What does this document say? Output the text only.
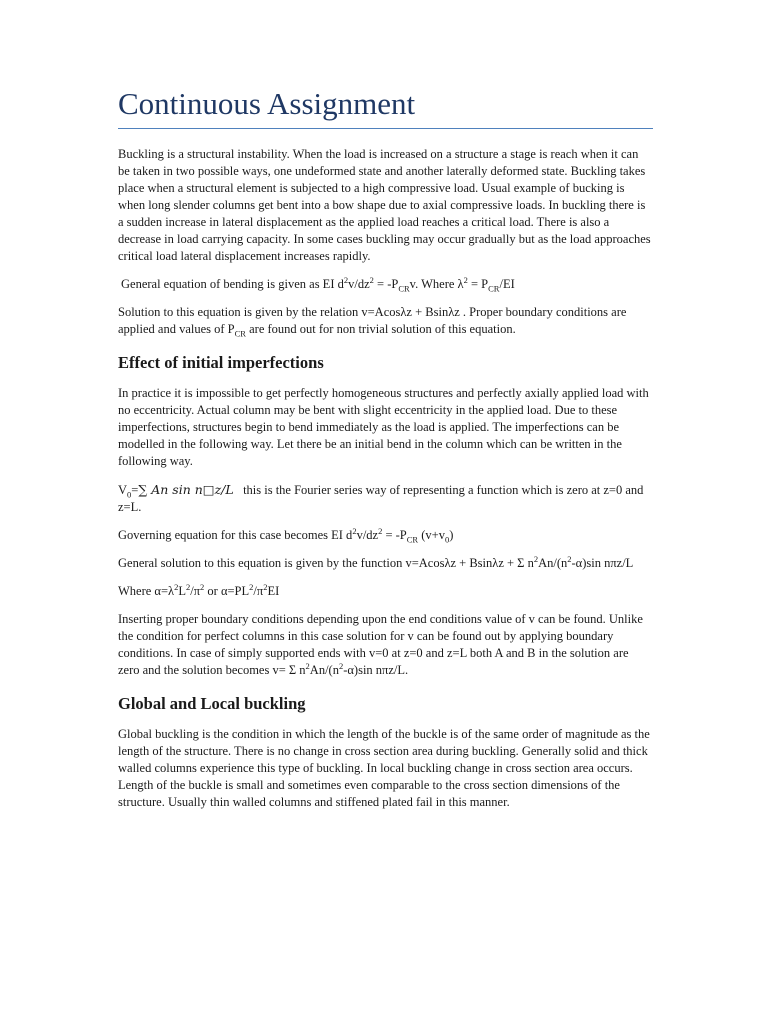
Continuous Assignment

Buckling is a structural instability. When the load is increased on a structure a stage is reach when it can be taken in two possible ways, one undeformed state and another laterally deformed state. Buckling takes place when a structural element is subjected to a high compressive load. Usual example of bucking is when long slender columns get bent into a bow shape due to axial compressive loads. In buckling there is a sudden increase in lateral displacement as the applied load reaches a critical load. There is also a decrease in load carrying capacity. In some cases buckling may occur gradually but as the load approaches critical load lateral displacement increases rapidly.

General equation of bending is given as EI $d^2v/dz^2 = -P_{CR}v$. Where $\lambda^2 = P_{CR}/EI$

Solution to this equation is given by the relation v=Acosλz + Bsinλz . Proper boundary conditions are applied and values of $P_{CR}$ are found out for non trivial solution of this equation.

Effect of initial imperfections

In practice it is impossible to get perfectly homogeneous structures and perfectly axially applied load with no eccentricity. Actual column may be bent with slight eccentricity in the applied load. Due to these imperfections, structures begin to bend immediately as the load is applied. The imperfections can be modelled in the following way. Let there be an initial bend in the column which can be written in the following way.

$V_0=\sum$ An sin n□z/L   this is the Fourier series way of representing a function which is zero at z=0 and z=L.

Governing equation for this case becomes EI $d^2v/dz^2 = -P_{CR}$ $(v+v_0)$

General solution to this equation is given by the function v=Acosλz + Bsinλz + Σ $n^2An/(n^2-\alpha)\sin$ nπz/L

Where $\alpha=\lambda^2L^2/\pi^2$ or $\alpha=PL^2/\pi^2EI$

Inserting proper boundary conditions depending upon the end conditions value of v can be found. Unlike the condition for perfect columns in this case solution for v can be found out by applying boundary conditions. In case of simply supported ends with v=0 at z=0 and z=L both A and B in the solution are zero and the solution becomes v= Σ $n^2An/(n^2-\alpha)\sin$ nπz/L.

Global and Local buckling

Global buckling is the condition in which the length of the buckle is of the same order of magnitude as the length of the structure. There is no change in cross section area during buckling. Generally solid and thick walled columns experience this type of buckling. In local buckling change in cross section area occurs. Length of the buckle is small and sometimes even comparable to the cross section dimensions of the structure. Usually thin walled columns and stiffened plated fail in this manner.
